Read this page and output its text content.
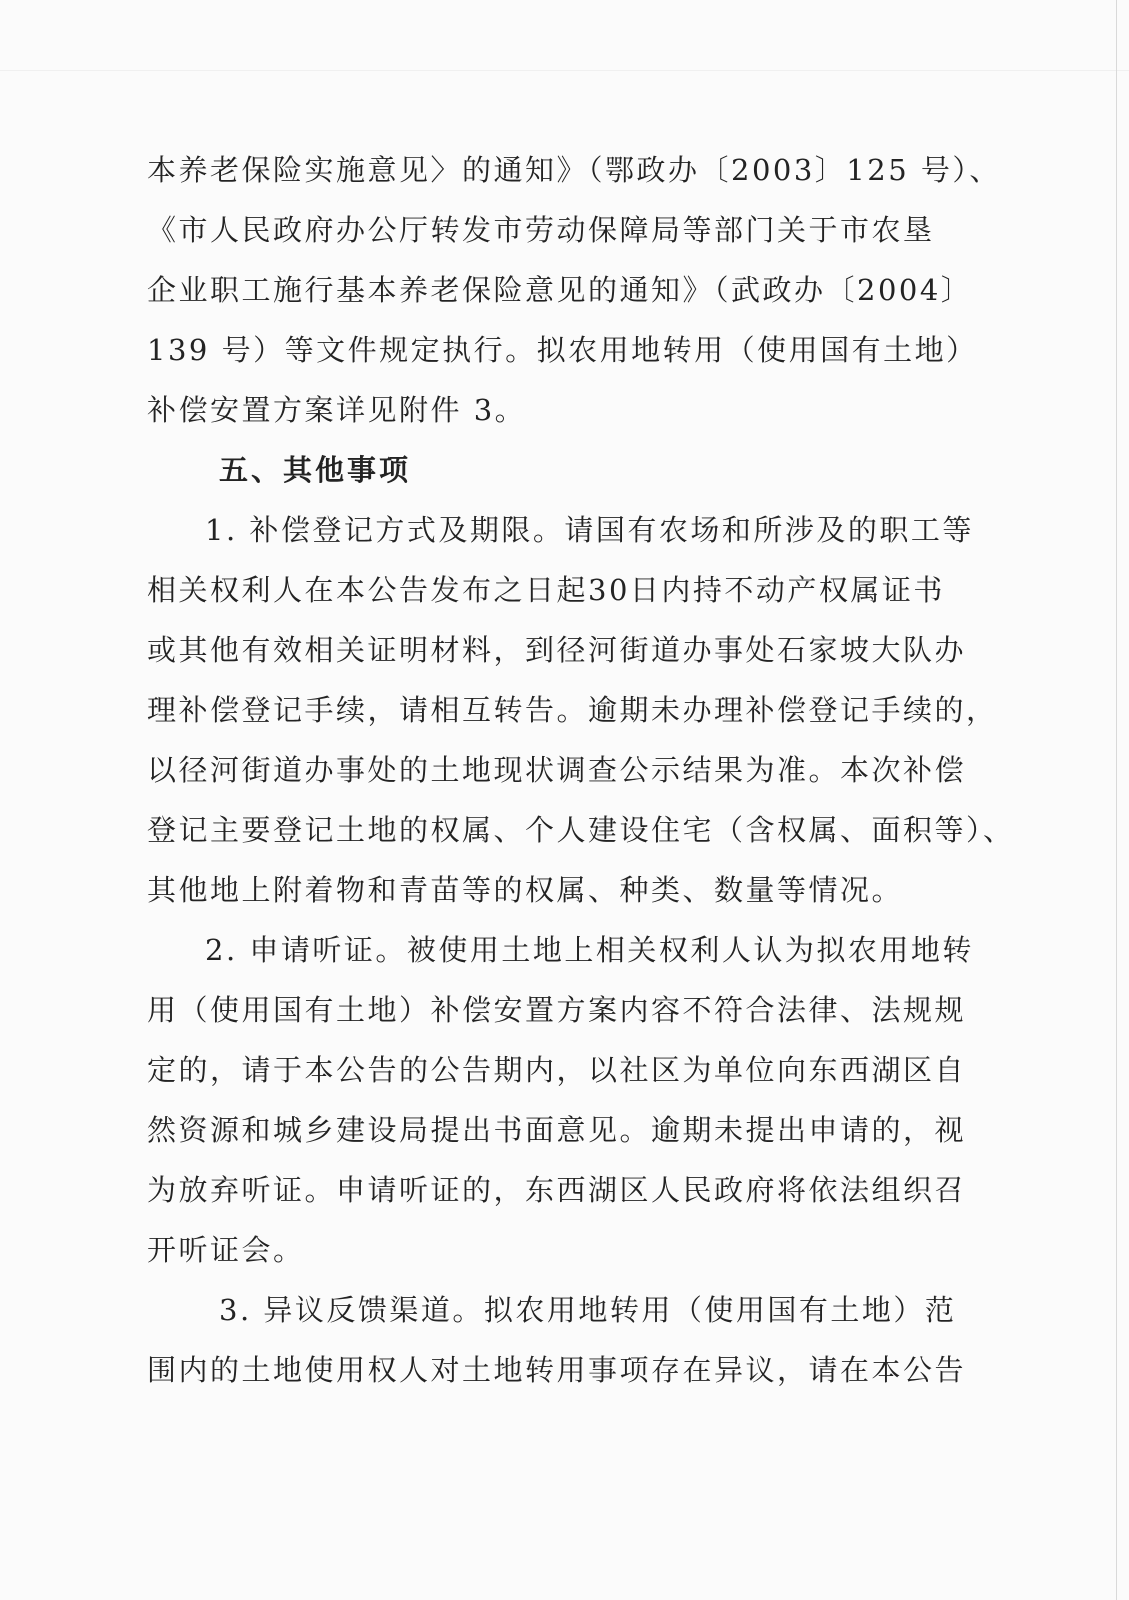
本养老保险实施意见〉的通知》（鄂政办〔2003〕125 号）、
《市人民政府办公厅转发市劳动保障局等部门关于市农垦
企业职工施行基本养老保险意见的通知》（武政办〔2004〕
139 号）等文件规定执行。拟农用地转用（使用国有土地）
补偿安置方案详见附件 3。
五、其他事项
1. 补偿登记方式及期限。请国有农场和所涉及的职工等
相关权利人在本公告发布之日起30日内持不动产权属证书
或其他有效相关证明材料，到径河街道办事处石家坡大队办
理补偿登记手续，请相互转告。逾期未办理补偿登记手续的，
以径河街道办事处的土地现状调查公示结果为准。本次补偿
登记主要登记土地的权属、个人建设住宅（含权属、面积等）、
其他地上附着物和青苗等的权属、种类、数量等情况。
2. 申请听证。被使用土地上相关权利人认为拟农用地转
用（使用国有土地）补偿安置方案内容不符合法律、法规规
定的，请于本公告的公告期内，以社区为单位向东西湖区自
然资源和城乡建设局提出书面意见。逾期未提出申请的，视
为放弃听证。申请听证的，东西湖区人民政府将依法组织召
开听证会。
3. 异议反馈渠道。拟农用地转用（使用国有土地）范
围内的土地使用权人对土地转用事项存在异议，请在本公告
